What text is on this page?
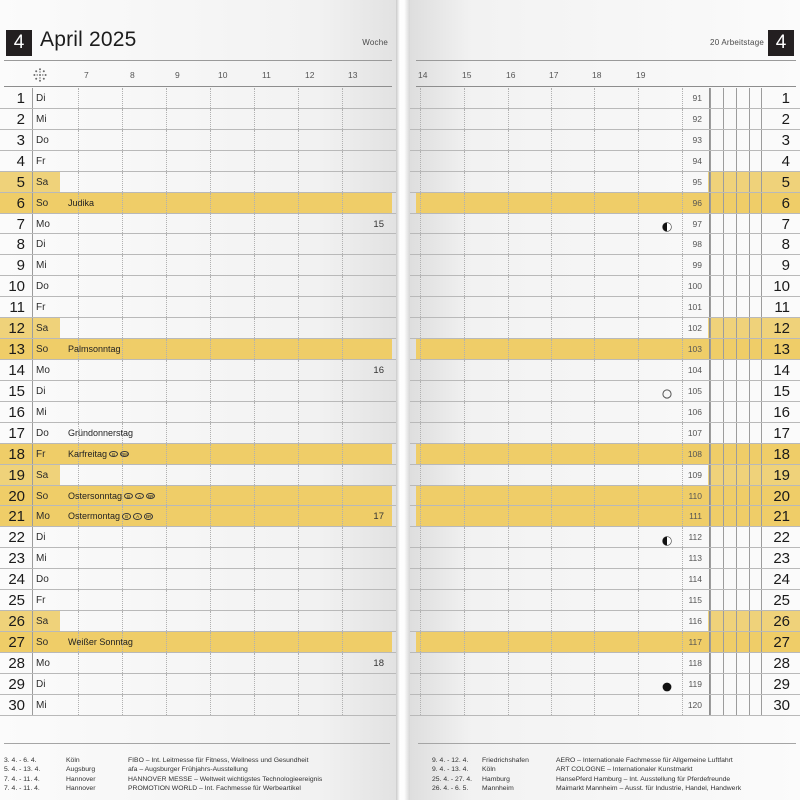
4 April 2025	Woche
7	8	9	10	11	12	13
1	Di
2	Mi
3	Do
4	Fr
5	Sa
6	So Judika
7	Mo	15
8	Di
9	Mi
10	Do
11	Fr
12	Sa
13	So Palmsonntag
14	Mo	16
15	Di
16	Mi
17	Do Gründonnerstag
18	Fr	Karfreitag B BW
19	Sa
20	So Ostersonntag B A BR
21	Mo Ostermontag B A BR	17
22	Di
23	Mi
24	Do
25	Fr
26	Sa
27	So Weißer Sonntag
28	Mo	18
29	Di
30	Mi
3. 4. - 6. 4.	Köln	FIBO – Int. Leitmesse für Fitness, Wellness und Gesundheit
5. 4. - 13. 4.	Augsburg	afa – Augsburger Frühjahrs-Ausstellung
7. 4. - 11. 4.	Hannover	HANNOVER MESSE – Weltweit wichtigstes Technologieereignis
7. 4. - 11. 4.	Hannover	PROMOTION WORLD – Int. Fachmesse für Werbeartikel
4
20 Arbeitstage
14	15	16	17	18	19
91	1
92	2
93	3
94	4
95	5
96	6
97	7
98	8
99	9
100	10
101	11
102	12
103	13
104	14
105	15
106	16
107	17
108	18
109	19
110	20
111	21
112	22
113	23
114	24
115	25
116	26
117	27
118	28
119	29
120	30
9. 4. - 12. 4.	Friedrichshafen	AERO – Internationale Fachmesse für Allgemeine Luftfahrt
9. 4. - 13. 4.	Köln	ART COLOGNE – Internationaler Kunstmarkt
25. 4. - 27. 4.	Hamburg	HansePferd Hamburg – Int. Ausstellung für Pferdefreunde
26. 4. - 6. 5.	Mannheim	Maimarkt Mannheim – Ausst. für Industrie, Handel, Handwerk
